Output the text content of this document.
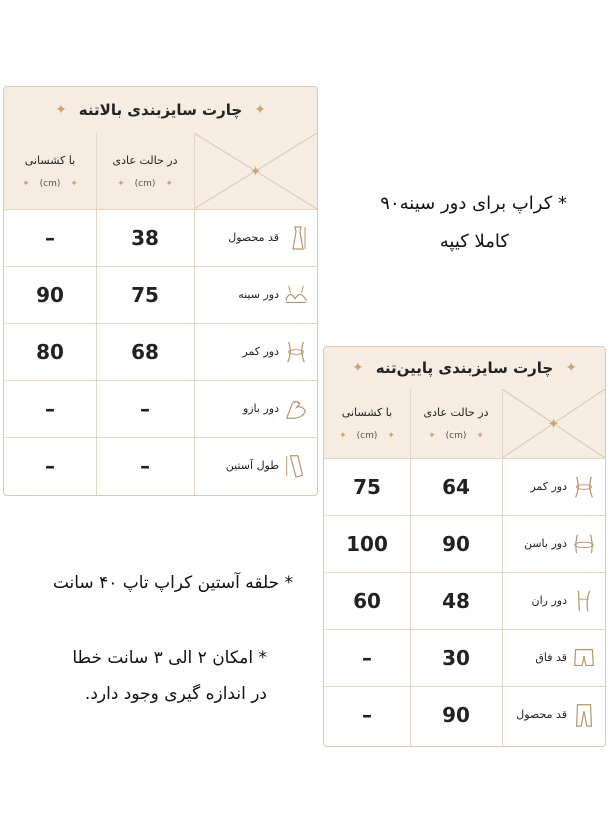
✦
چارت سایزبندی بالاتنه
✦
با کشسانی
✦
(cm)
✦
در حالت عادی
✦
(cm)
✦
✦
–	38	قد محصول
90	75	دور سینه
80	68	دور کمر
–	–	دور بازو
–	–	طول آستین
✦
چارت سایزبندی پایین‌تنه
✦
با کشسانی
✦
(cm)
✦
در حالت عادی
✦
(cm)
✦
✦
75	64	دور کمر
100	90	دور باسن
60	48	دور ران
–	30	قد فاق
–	90	قد محصول
* کراپ برای دور سینه۹۰
کاملا کیپه
* حلقه آستین کراپ تاپ ۴۰ سانت
* امکان ۲ الی ۳ سانت خطا
در اندازه گیری وجود دارد.
